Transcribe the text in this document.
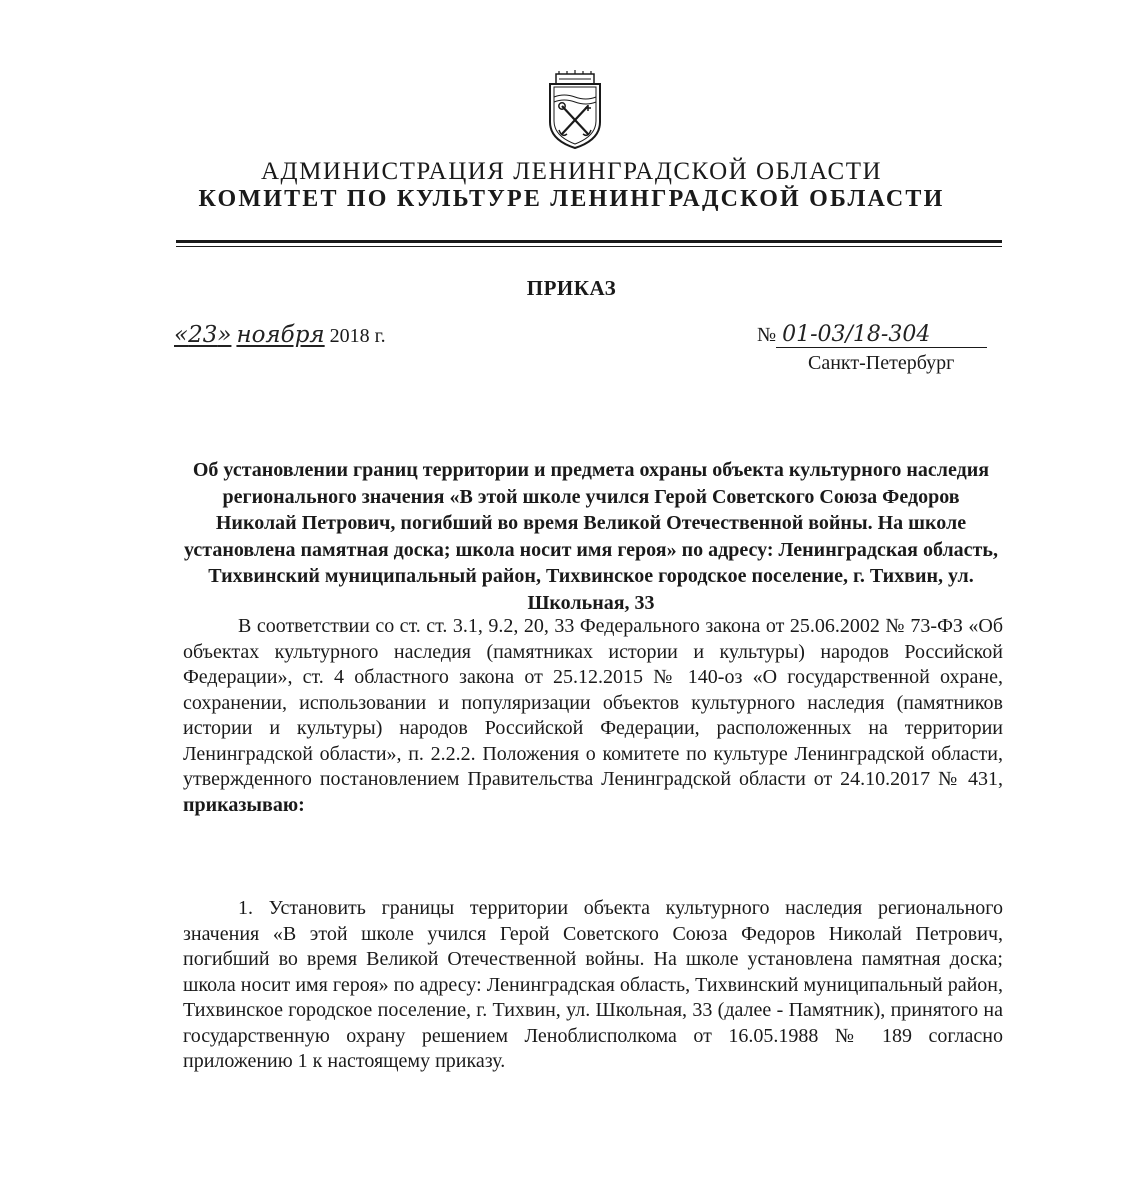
АДМИНИСТРАЦИЯ ЛЕНИНГРАДСКОЙ ОБЛАСТИ
КОМИТЕТ ПО КУЛЬТУРЕ ЛЕНИНГРАДСКОЙ ОБЛАСТИ
ПРИКАЗ
«23» ноября 2018 г.	№ 01-03/18-304
Санкт-Петербург

Об установлении границ территории и предмета охраны объекта культурного наследия регионального значения «В этой школе учился Герой Советского Союза Федоров Николай Петрович, погибший во время Великой Отечественной войны. На школе установлена памятная доска; школа носит имя героя» по адресу: Ленинградская область, Тихвинский муниципальный район, Тихвинское городское поселение, г. Тихвин, ул. Школьная, 33

В соответствии со ст. ст. 3.1, 9.2, 20, 33 Федерального закона от 25.06.2002 № 73-ФЗ «Об объектах культурного наследия (памятниках истории и культуры) народов Российской Федерации», ст. 4 областного закона от 25.12.2015 № 140-оз «О государственной охране, сохранении, использовании и популяризации объектов культурного наследия (памятников истории и культуры) народов Российской Федерации, расположенных на территории Ленинградской области», п. 2.2.2. Положения о комитете по культуре Ленинградской области, утвержденного постановлением Правительства Ленинградской области от 24.10.2017 № 431, приказываю:

1. Установить границы территории объекта культурного наследия регионального значения «В этой школе учился Герой Советского Союза Федоров Николай Петрович, погибший во время Великой Отечественной войны. На школе установлена памятная доска; школа носит имя героя» по адресу: Ленинградская область, Тихвинский муниципальный район, Тихвинское городское поселение, г. Тихвин, ул. Школьная, 33 (далее - Памятник), принятого на государственную охрану решением Леноблисполкома от 16.05.1988 № 189 согласно приложению 1 к настоящему приказу.
